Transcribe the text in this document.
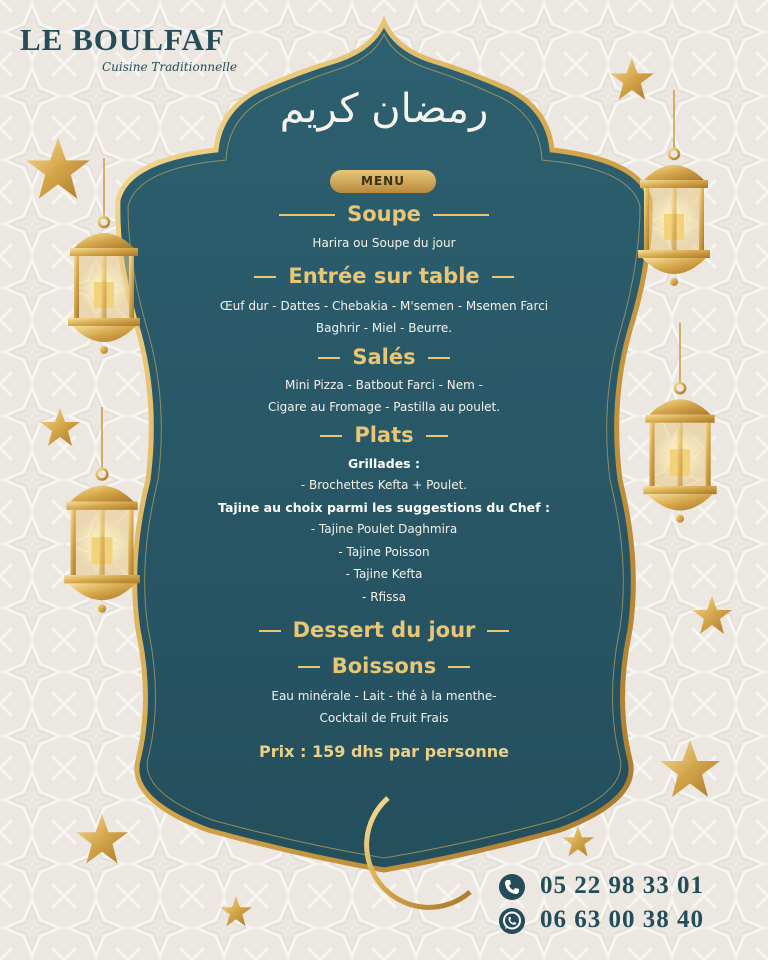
LE BOULFAF
Cuisine Traditionnelle
رمضان كريم
MENU
Soupe
Harira ou Soupe du jour
Entrée sur table
Œuf dur - Dattes - Chebakia - M'semen - Msemen Farci
Baghrir - Miel - Beurre.
Salés
Mini Pizza - Batbout Farci - Nem -
Cigare au Fromage - Pastilla au poulet.
Plats
Grillades :
- Brochettes Kefta + Poulet.
Tajine au choix parmi les suggestions du Chef :
- Tajine Poulet Daghmira
- Tajine Poisson
- Tajine Kefta
- Rfissa
Dessert du jour
Boissons
Eau minérale - Lait - thé à la menthe-
Cocktail de Fruit Frais
Prix : 159 dhs par personne
05 22 98 33 01
06 63 00 38 40
